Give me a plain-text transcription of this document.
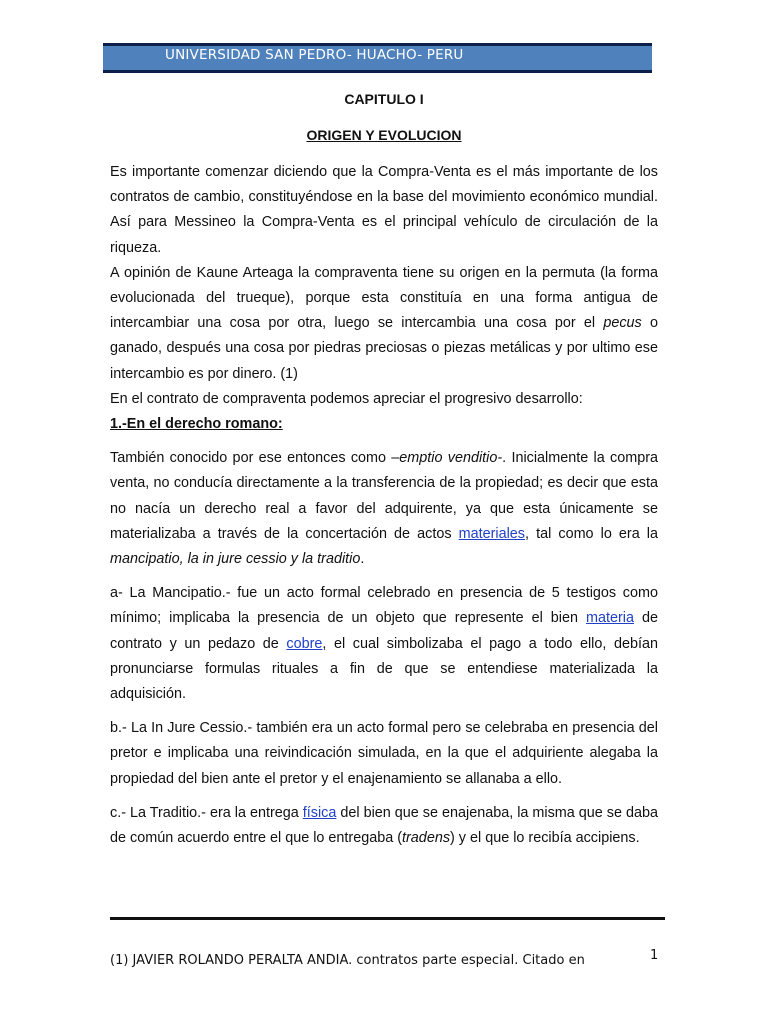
UNIVERSIDAD SAN PEDRO- HUACHO- PERU
CAPITULO I
ORIGEN Y EVOLUCION

Es importante comenzar diciendo que la Compra-Venta es el más importante de los contratos de cambio, constituyéndose en la base del movimiento económico mundial. Así para Messineo la Compra-Venta es el principal vehículo de circulación de la riqueza.

A opinión de Kaune Arteaga la compraventa tiene su origen en la permuta (la forma evolucionada del trueque), porque esta constituía en una forma antigua de intercambiar una cosa por otra, luego se intercambia una cosa por el pecus o ganado, después una cosa por piedras preciosas o piezas metálicas y por ultimo ese intercambio es por dinero. (1)

En el contrato de compraventa podemos apreciar el progresivo desarrollo:

1.-En el derecho romano:

También conocido por ese entonces como –emptio venditio-. Inicialmente la compra venta, no conducía directamente a la transferencia de la propiedad; es decir que esta no nacía un derecho real a favor del adquirente, ya que esta únicamente se materializaba a través de la concertación de actos materiales, tal como lo era la mancipatio, la in jure cessio y la traditio.

a- La Mancipatio.- fue un acto formal celebrado en presencia de 5 testigos como mínimo; implicaba la presencia de un objeto que represente el bien materia de contrato y un pedazo de cobre, el cual simbolizaba el pago a todo ello, debían pronunciarse formulas rituales a fin de que se entendiese materializada la adquisición.

b.- La In Jure Cessio.- también era un acto formal pero se celebraba en presencia del pretor e implicaba una reivindicación simulada, en la que el adquiriente alegaba la propiedad del bien ante el pretor y el enajenamiento se allanaba a ello.

c.- La Traditio.- era la entrega física del bien que se enajenaba, la misma que se daba de común acuerdo entre el que lo entregaba (tradens) y el que lo recibía accipiens.

(1) JAVIER ROLANDO PERALTA ANDIA. contratos parte especial. Citado en	1
